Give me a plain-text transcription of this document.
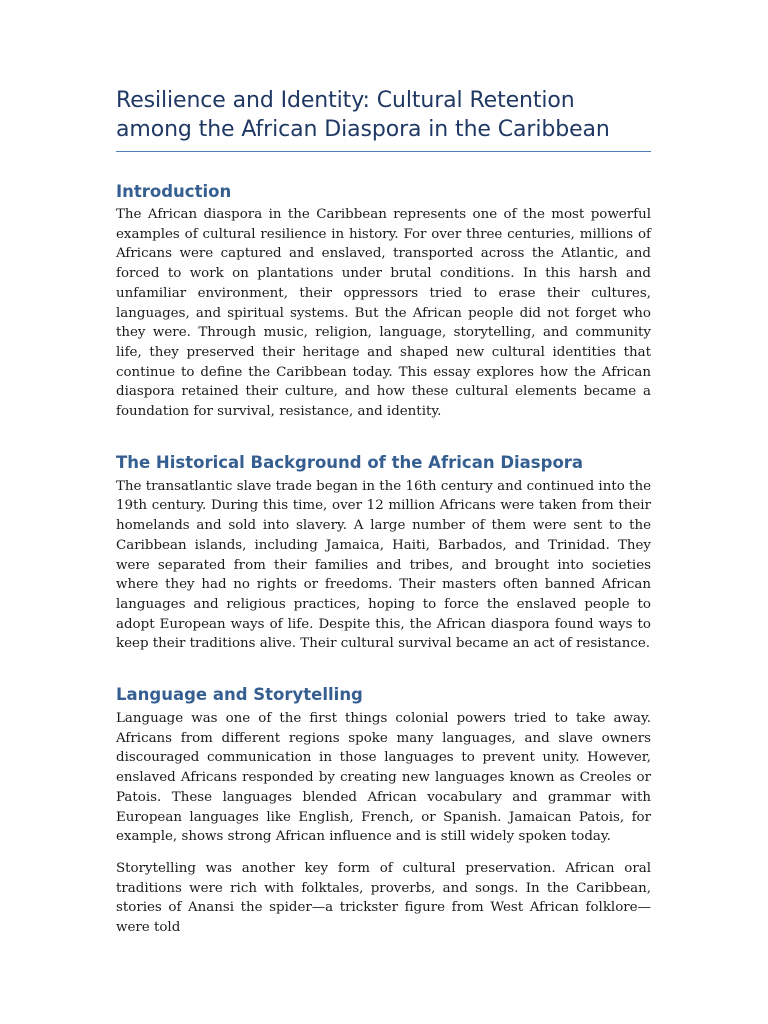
Resilience and Identity: Cultural Retention among the African Diaspora in the Caribbean
Introduction

The African diaspora in the Caribbean represents one of the most powerful examples of cultural resilience in history. For over three centuries, millions of Africans were captured and enslaved, transported across the Atlantic, and forced to work on plantations under brutal conditions. In this harsh and unfamiliar environment, their oppressors tried to erase their cultures, languages, and spiritual systems. But the African people did not forget who they were. Through music, religion, language, storytelling, and community life, they preserved their heritage and shaped new cultural identities that continue to define the Caribbean today. This essay explores how the African diaspora retained their culture, and how these cultural elements became a foundation for survival, resistance, and identity.

The Historical Background of the African Diaspora

The transatlantic slave trade began in the 16th century and continued into the 19th century. During this time, over 12 million Africans were taken from their homelands and sold into slavery. A large number of them were sent to the Caribbean islands, including Jamaica, Haiti, Barbados, and Trinidad. They were separated from their families and tribes, and brought into societies where they had no rights or freedoms. Their masters often banned African languages and religious practices, hoping to force the enslaved people to adopt European ways of life. Despite this, the African diaspora found ways to keep their traditions alive. Their cultural survival became an act of resistance.

Language and Storytelling

Language was one of the first things colonial powers tried to take away. Africans from different regions spoke many languages, and slave owners discouraged communication in those languages to prevent unity. However, enslaved Africans responded by creating new languages known as Creoles or Patois. These languages blended African vocabulary and grammar with European languages like English, French, or Spanish. Jamaican Patois, for example, shows strong African influence and is still widely spoken today.

Storytelling was another key form of cultural preservation. African oral traditions were rich with folktales, proverbs, and songs. In the Caribbean, stories of Anansi the spider—a trickster figure from West African folklore—were told
